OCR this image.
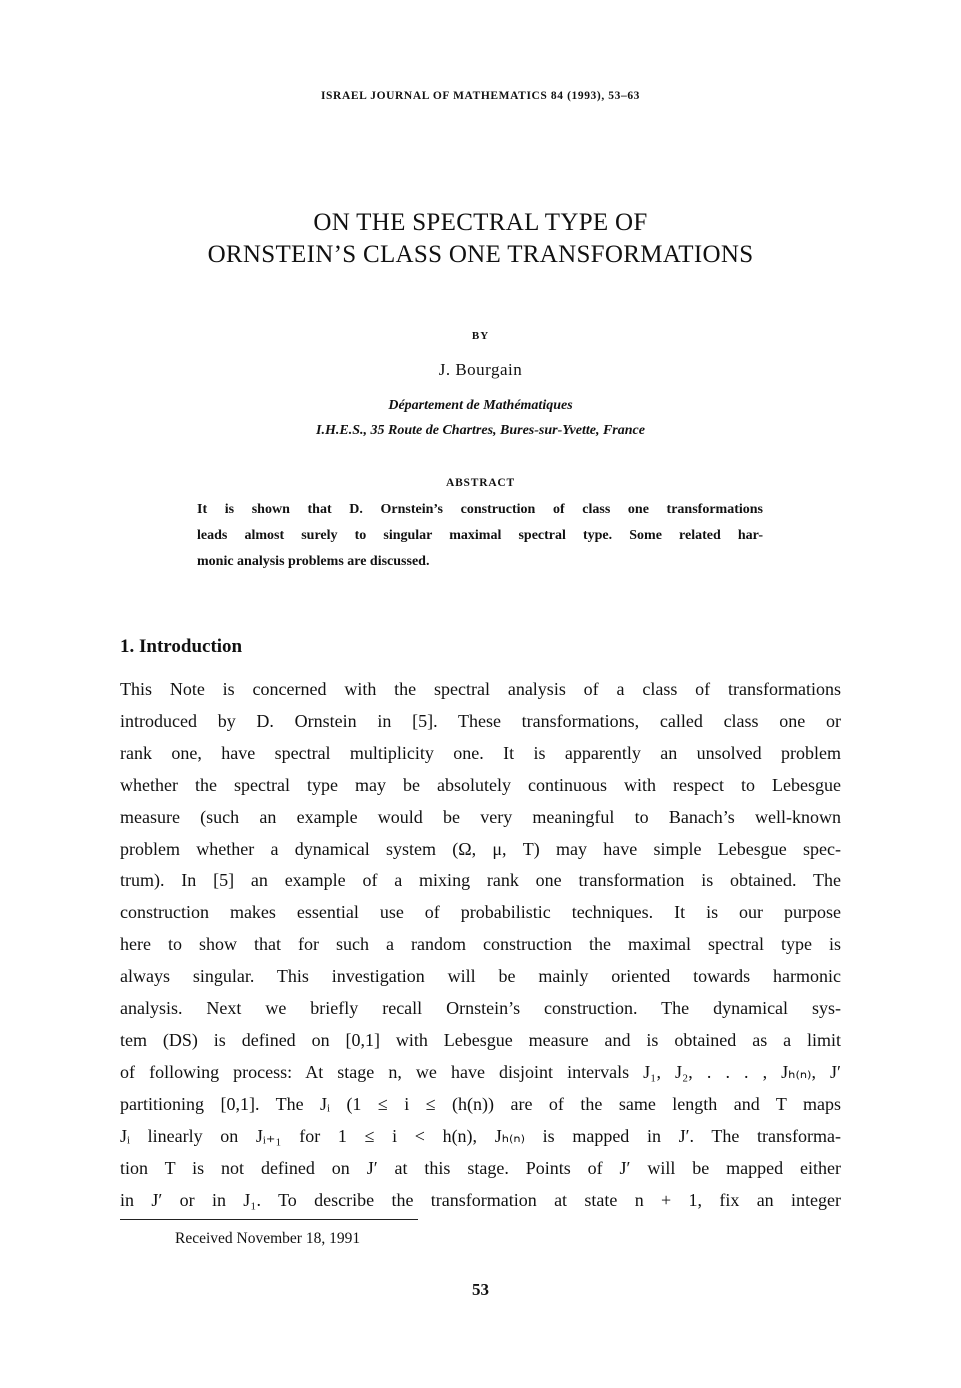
ISRAEL JOURNAL OF MATHEMATICS 84 (1993), 53–63
ON THE SPECTRAL TYPE OF
ORNSTEIN’S CLASS ONE TRANSFORMATIONS
BY
J. Bourgain
Département de Mathématiques
I.H.E.S., 35 Route de Chartres, Bures-sur-Yvette, France
ABSTRACT
It is shown that D. Ornstein’s construction of class one transformations
leads almost surely to singular maximal spectral type. Some related har-
monic analysis problems are discussed.
1. Introduction
This Note is concerned with the spectral analysis of a class of transformations
introduced by D. Ornstein in [5]. These transformations, called class one or
rank one, have spectral multiplicity one. It is apparently an unsolved problem
whether the spectral type may be absolutely continuous with respect to Lebesgue
measure (such an example would be very meaningful to Banach’s well-known
problem whether a dynamical system (Ω, μ, T) may have simple Lebesgue spec-
trum). In [5] an example of a mixing rank one transformation is obtained. The
construction makes essential use of probabilistic techniques. It is our purpose
here to show that for such a random construction the maximal spectral type is
always singular. This investigation will be mainly oriented towards harmonic
analysis. Next we briefly recall Ornstein’s construction. The dynamical sys-
tem (DS) is defined on [0,1] with Lebesgue measure and is obtained as a limit
of following process: At stage n, we have disjoint intervals J₁, J₂, . . . , Jₕ₍ₙ₎, J′
partitioning [0,1]. The Jᵢ (1 ≤ i ≤ (h(n)) are of the same length and T maps
Jᵢ linearly on Jᵢ₊₁ for 1 ≤ i < h(n), Jₕ₍ₙ₎ is mapped in J′. The transforma-
tion T is not defined on J′ at this stage. Points of J′ will be mapped either
in J′ or in J₁. To describe the transformation at state n + 1, fix an integer
Received November 18, 1991
53
